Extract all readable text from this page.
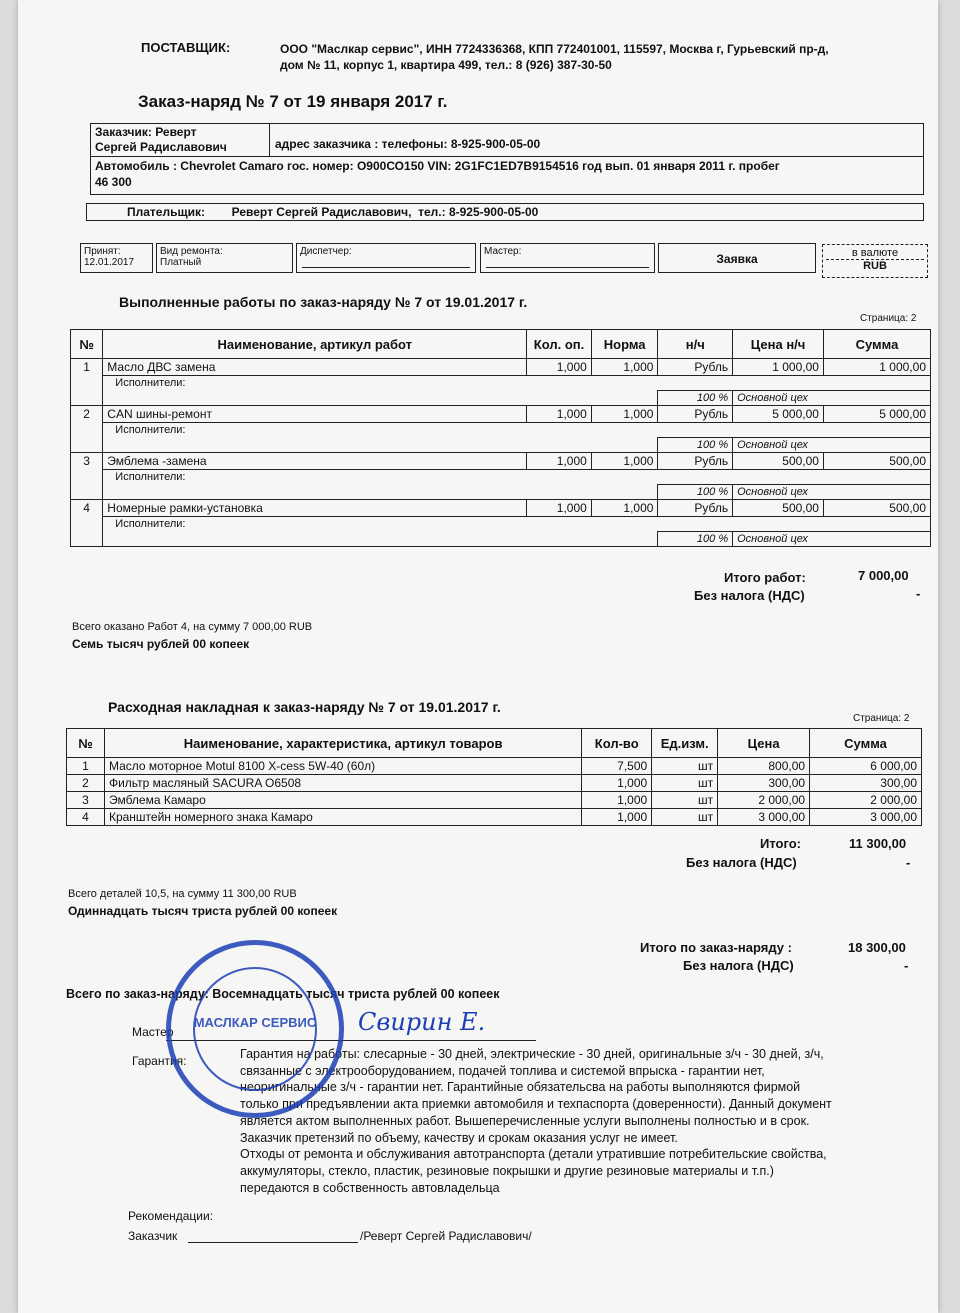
ПОСТАВЩИК:	ООО "Маслкар сервис", ИНН 7724336368, КПП 772401001, 115597, Москва г, Гурьевский пр-д,
дом № 11, корпус 1, квартира 499, тел.: 8 (926) 387-30-50
Заказ-наряд № 7 от 19 января 2017 г.
Заказчик: Реверт
Сергей Радиславович	адрес заказчика : телефоны: 8-925-900-05-00
Автомобиль : Chevrolet Camaro гос. номер: О900СО150 VIN: 2G1FC1ED7B9154516 год вып. 01 января 2011 г. пробег
46 300
Плательщик:        Реверт Сергей Радиславович,  тел.: 8-925-900-05-00
Принят:
12.01.2017
Вид ремонта:
Платный
Диспетчер:	Мастер:
Заявка	в валюте
RUB
Выполненные работы по заказ-наряду № 7 от 19.01.2017 г.
Страница: 2
№	Наименование, артикул работ	Кол. оп.	Норма	н/ч	Цена н/ч	Сумма
1	Масло ДВС замена	1,000	1,000	Рубль	1 000,00	1 000,00
	Исполнители:					
				100 %	Основной цех	
2	CAN шины-ремонт	1,000	1,000	Рубль	5 000,00	5 000,00
	Исполнители:					
				100 %	Основной цех	
3	Эмблема -замена	1,000	1,000	Рубль	500,00	500,00
	Исполнители:					
				100 %	Основной цех	
4	Номерные рамки-установка	1,000	1,000	Рубль	500,00	500,00
	Исполнители:					
				100 %	Основной цех	
Итого работ:	7 000,00
Без налога (НДС)	-
Всего оказано Работ 4, на сумму 7 000,00 RUB
Семь тысяч рублей 00 копеек
Расходная накладная к заказ-наряду № 7 от 19.01.2017 г.
Страница: 2
№	Наименование, характеристика, артикул товаров	Кол-во	Ед.изм.	Цена	Сумма
1	Масло моторное Motul 8100 X-cess 5W-40 (60л)	7,500	шт	800,00	6 000,00
2	Фильтр масляный SACURA O6508	1,000	шт	300,00	300,00
3	Эмблема Камаро	1,000	шт	2 000,00	2 000,00
4	Кранштейн номерного знака Камаро	1,000	шт	3 000,00	3 000,00
Итого:	11 300,00
Без налога (НДС)	-
Всего деталей 10,5, на сумму 11 300,00 RUB
Одиннадцать тысяч триста рублей 00 копеек
Итого по заказ-наряду :	18 300,00
Без налога (НДС)	-
Всего по заказ-наряду: Восемнадцать тысяч триста рублей 00 копеек
Мастер	Свирин Е.
Гарантия:	Гарантия на работы: слесарные - 30 дней, электрические - 30 дней, оригинальные з/ч - 30 дней, з/ч,
связанные с электрооборудованием, подачей топлива и системой впрыска - гарантии нет,
неоригинальные з/ч - гарантии нет. Гарантийные обязательсва на работы выполняются фирмой
только при предъявлении акта приемки автомобиля и техпаспорта (доверенности). Данный документ
является актом выполненных работ. Вышеперечисленные услуги выполнены полностью и в срок.
Заказчик претензий по объему, качеству и срокам оказания услуг не имеет.
Отходы от ремонта и обслуживания автотранспорта (детали утратившие потребительские свойства,
аккумуляторы, стекло, пластик, резиновые покрышки и другие резиновые материалы и т.п.)
передаются в собственность автовладельца
Рекомендации:
Заказчик	/Реверт Сергей Радиславович/
МАСЛКАР СЕРВИС
